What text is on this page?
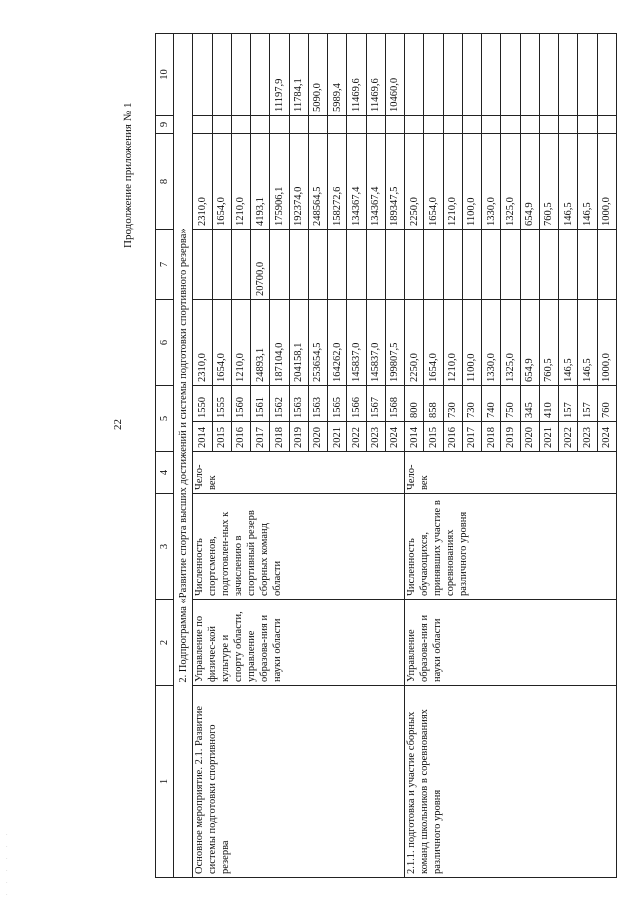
22
Продолжение приложения № 1
·
·
·
·
·
·
1	2	3	4	5		6	7	8	9	10
2. Подпрограмма «Развитие спорта высших достижений и системы подготовки спортивного резерва»										
Основное мероприятие. 2.1. Развитие системы подготовки спортивного резерва	Управление по физичес-кой культуре и спорту области, управление образова-ния и науки области	Численность спортсменов, подготовлен-ных к зачислению в спортивный резерв сборных команд области	Чело-век	2014	1550	2310,0		2310,0		
				2015	1555	1654,0		1654,0		
				2016	1560	1210,0		1210,0		
				2017	1561	24893,1	20700,0	4193,1		
				2018	1562	187104,0		175906,1		11197,9
				2019	1563	204158,1		192374,0		11784,1
				2020	1563	253654,5		248564,5		5090,0
				2021	1565	164262,0		158272,6		5989,4
				2022	1566	145837,0		134367,4		11469,6
				2023	1567	145837,0		134367,4		11469,6
				2024	1568	199807,5		189347,5		10460,0
2.1.1. подготовка и участие сборных команд школьников в соревнованиях различного уровня	Управление образова-ния и науки области	Численность обучающихся, принявших участие в соревнованиях различного уровня	Чело-век	2014	800	2250,0		2250,0		
				2015	858	1654,0		1654,0		
				2016	730	1210,0		1210,0		
				2017	730	1100,0		1100,0		
				2018	740	1330,0		1330,0		
				2019	750	1325,0		1325,0		
				2020	345	654,9		654,9		
				2021	410	760,5		760,5		
				2022	157	146,5		146,5		
				2023	157	146,5		146,5		
				2024	760	1000,0		1000,0		
